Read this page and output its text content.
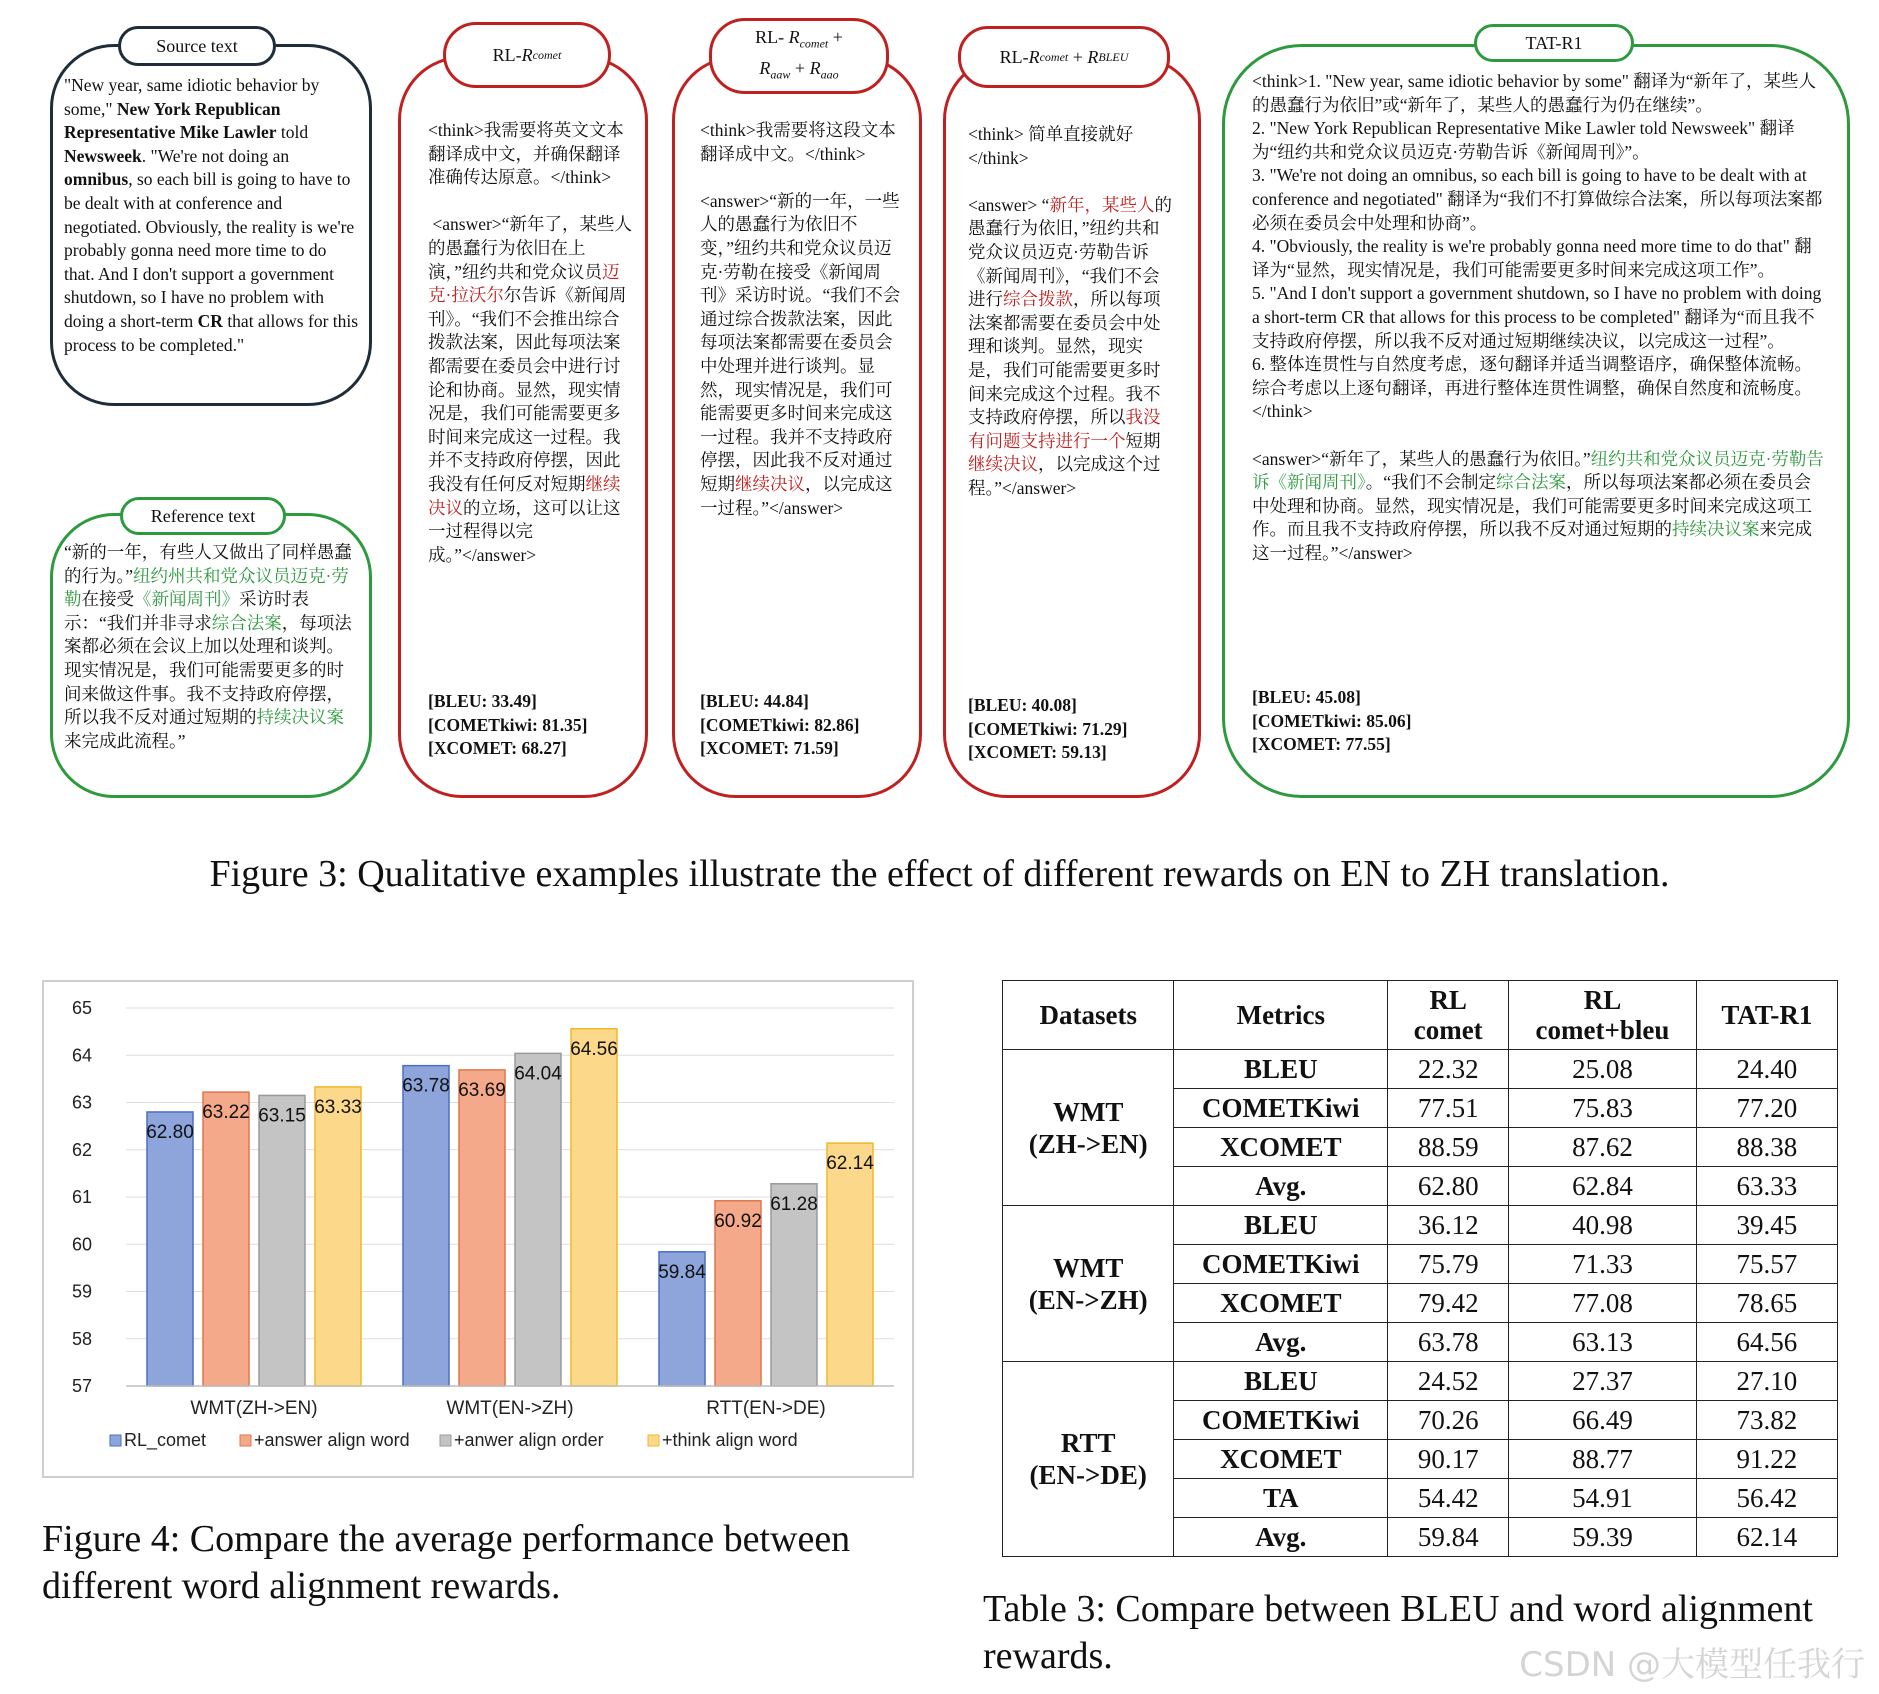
Source text
"New year, same idiotic behavior by some," New York Republican Representative Mike Lawler told Newsweek. "We're not doing an omnibus, so each bill is going to have to be dealt with at conference and negotiated. Obviously, the reality is we're probably gonna need more time to do that. And I don't support a government shutdown, so I have no problem with doing a short-term CR that allows for this process to be completed."
Reference text
“新的一年，有些人又做出了同样愚蠢的行为。”纽约州共和党众议员迈克·劳勒在接受《新闻周刊》采访时表示：“我们并非寻求综合法案，每项法案都必须在会议上加以处理和谈判。现实情况是，我们可能需要更多的时间来做这件事。我不支持政府停摆，所以我不反对通过短期的持续决议案来完成此流程。”
RL- R comet
<think>我需要将英文文本翻译成中文，并确保翻译准确传达原意。</think>

<answer>“新年了，某些人的愚蠢行为依旧在上演，”纽约共和党众议员迈克·拉沃尔尔告诉《新闻周刊》。“我们不会推出综合拨款法案，因此每项法案都需要在委员会中进行讨论和协商。显然，现实情况是，我们可能需要更多时间来完成这一过程。我并不支持政府停摆，因此我没有任何反对短期继续决议的立场，这可以让这一过程得以完成。”</answer>
[BLEU: 33.49]
[COMETkiwi: 81.35]
[XCOMET: 68.27]
RL- $R_{comet}$ +
$R_{aaw} + R_{aao}$
<think>我需要将这段文本翻译成中文。</think>

<answer>“新的一年，一些人的愚蠢行为依旧不变，”纽约共和党众议员迈克·劳勒在接受《新闻周刊》采访时说。“我们不会通过综合拨款法案，因此每项法案都需要在委员会中处理并进行谈判。显然，现实情况是，我们可能需要更多时间来完成这一过程。我并不支持政府停摆，因此我不反对通过短期继续决议，以完成这一过程。”</answer>
[BLEU: 44.84]
[COMETkiwi: 82.86]
[XCOMET: 71.59]
RL- R comet + R BLEU
<think> 简单直接就好</think>

<answer> “新年，某些人的愚蠢行为依旧，”纽约共和党众议员迈克·劳勒告诉《新闻周刊》，“我们不会进行综合拨款，所以每项法案都需要在委员会中处理和谈判。显然，现实是，我们可能需要更多时间来完成这个过程。我不支持政府停摆，所以我没有问题支持进行一个短期继续决议，以完成这个过程。”</answer>
[BLEU: 40.08]
[COMETkiwi: 71.29]
[XCOMET: 59.13]
TAT-R1
<think>1. "New year, same idiotic behavior by some" 翻译为“新年了，某些人的愚蠢行为依旧”或“新年了，某些人的愚蠢行为仍在继续”。
2. "New York Republican Representative Mike Lawler told Newsweek" 翻译为“纽约共和党众议员迈克·劳勒告诉《新闻周刊》”。
3. "We're not doing an omnibus, so each bill is going to have to be dealt with at conference and negotiated" 翻译为“我们不打算做综合法案，所以每项法案都必须在委员会中处理和协商”。
4. "Obviously, the reality is we're probably gonna need more time to do that" 翻译为“显然，现实情况是，我们可能需要更多时间来完成这项工作”。
5. "And I don't support a government shutdown, so I have no problem with doing a short-term CR that allows for this process to be completed" 翻译为“而且我不支持政府停摆，所以我不反对通过短期继续决议，以完成这一过程”。
6. 整体连贯性与自然度考虑，逐句翻译并适当调整语序，确保整体流畅。
综合考虑以上逐句翻译，再进行整体连贯性调整，确保自然度和流畅度。</think>

<answer>“新年了，某些人的愚蠢行为依旧。”纽约共和党众议员迈克·劳勒告诉《新闻周刊》。“我们不会制定综合法案，所以每项法案都必须在委员会中处理和协商。显然，现实情况是，我们可能需要更多时间来完成这项工作。而且我不支持政府停摆，所以我不反对通过短期的持续决议案来完成这一过程。”</answer>
[BLEU: 45.08]
[COMETkiwi: 85.06]
[XCOMET: 77.55]
Figure 3: Qualitative examples illustrate the effect of different rewards on EN to ZH translation.
57
58
59
60
61
62
63
64
65
62.80
63.22 63.15 63.33
WMT(ZH->EN)
63.78 63.69
64.04
64.56
WMT(EN->ZH)
59.84
60.92
61.28
62.14
RTT(EN->DE)
RL_comet	+answer align word +anwer align order	+think align word
Figure 4: Compare the average performance between different word alignment rewards.
Datasets	Metrics	RL
comet	RL
comet+bleu	TAT-R1
WMT
(ZH->EN)	BLEU	22.32	25.08	24.40
	COMETKiwi	77.51	75.83	77.20
	XCOMET	88.59	87.62	88.38
	Avg.	62.80	62.84	63.33
WMT
(EN->ZH)	BLEU	36.12	40.98	39.45
	COMETKiwi	75.79	71.33	75.57
	XCOMET	79.42	77.08	78.65
	Avg.	63.78	63.13	64.56
RTT
(EN->DE)	BLEU	24.52	27.37	27.10
	COMETKiwi	70.26	66.49	73.82
	XCOMET	90.17	88.77	91.22
	TA	54.42	54.91	56.42
	Avg.	59.84	59.39	62.14
Table 3: Compare between BLEU and word alignment rewards.	CSDN @大模型任我行
